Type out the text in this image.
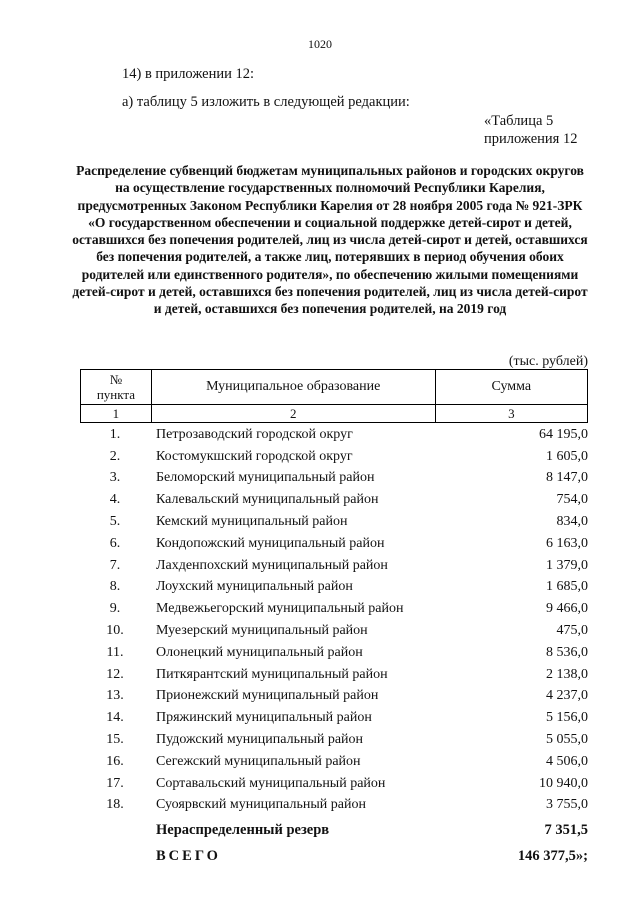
1020
14) в приложении 12:
а) таблицу 5 изложить в следующей редакции:
«Таблица 5
приложения 12
Распределение субвенций бюджетам муниципальных районов и городских округов на осуществление государственных полномочий Республики Карелия, предусмотренных Законом Республики Карелия от 28 ноября 2005 года № 921-ЗРК «О государственном обеспечении и социальной поддержке детей-сирот и детей, оставшихся без попечения родителей, лиц из числа детей-сирот и детей, оставшихся без попечения родителей, а также лиц, потерявших в период обучения обоих родителей или единственного родителя», по обеспечению жилыми помещениями детей-сирот и детей, оставшихся без попечения родителей, лиц из числа детей-сирот и детей, оставшихся без попечения родителей, на 2019 год
(тыс. рублей)
№
пункта	Муниципальное образование	Сумма
1	2	3
1.	Петрозаводский городской округ	64 195,0
2.	Костомукшский городской округ	1 605,0
3.	Беломорский муниципальный район	8 147,0
4.	Калевальский муниципальный район	754,0
5.	Кемский муниципальный район	834,0
6.	Кондопожский муниципальный район	6 163,0
7.	Лахденпохский муниципальный район	1 379,0
8.	Лоухский муниципальный район	1 685,0
9.	Медвежьегорский муниципальный район	9 466,0
10.	Муезерский муниципальный район	475,0
11.	Олонецкий муниципальный район	8 536,0
12.	Питкярантский муниципальный район	2 138,0
13.	Прионежский муниципальный район	4 237,0
14.	Пряжинский муниципальный район	5 156,0
15.	Пудожский муниципальный район	5 055,0
16.	Сегежский муниципальный район	4 506,0
17.	Сортавальский муниципальный район	10 940,0
18.	Суоярвский муниципальный район	3 755,0
Нераспределенный резерв	7 351,5
ВСЕГО	146 377,5»;
